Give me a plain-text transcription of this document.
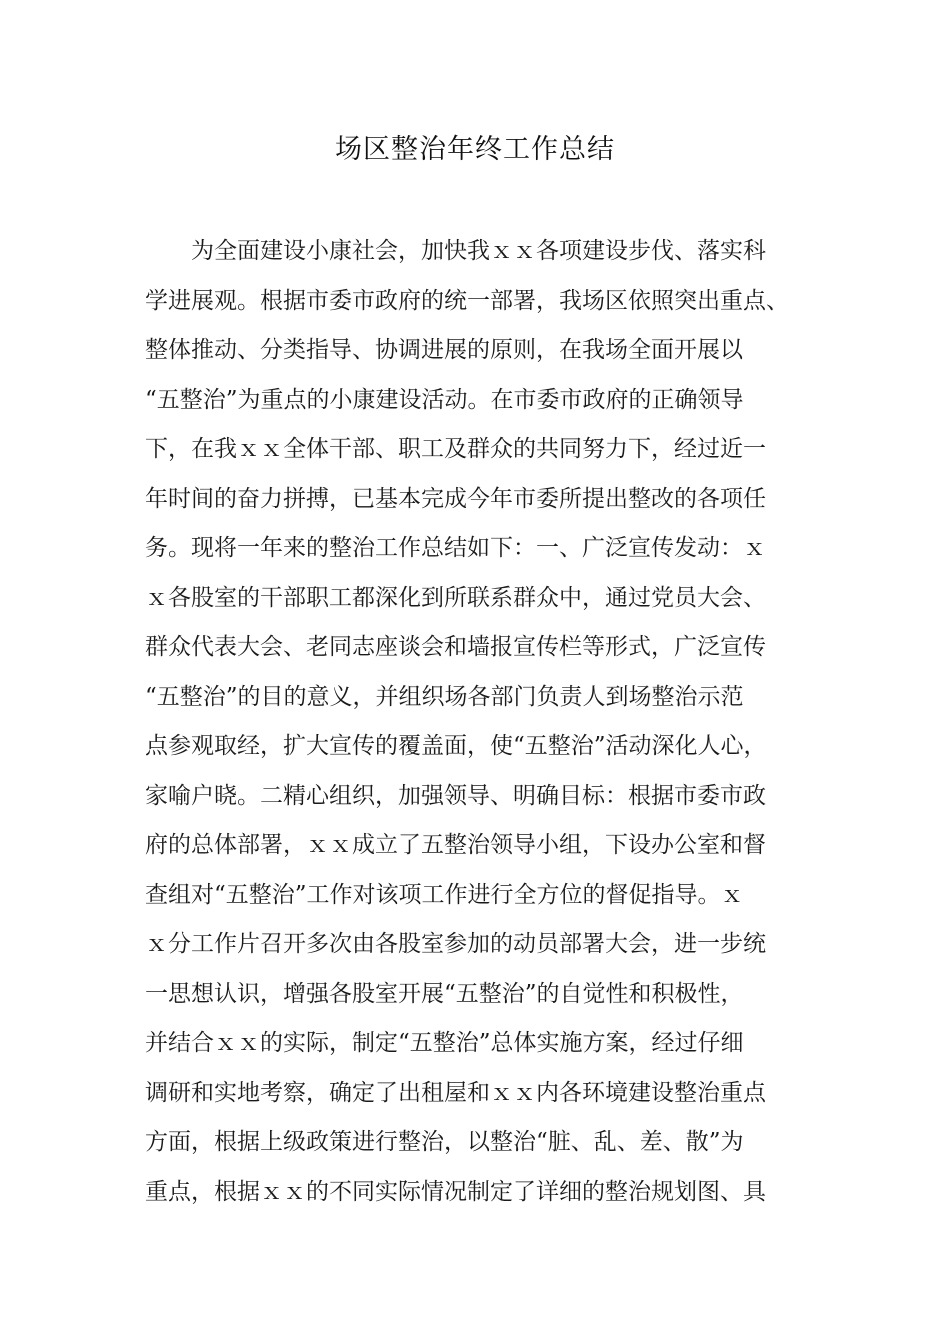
场区整治年终工作总结
为全面建设小康社会，加快我ｘｘ各项建设步伐、落实科
学进展观。根据市委市政府的统一部署，我场区依照突出重点、
整体推动、分类指导、协调进展的原则，在我场全面开展以
“五整治”为重点的小康建设活动。在市委市政府的正确领导
下，在我ｘｘ全体干部、职工及群众的共同努力下，经过近一
年时间的奋力拼搏，已基本完成今年市委所提出整改的各项任
务。现将一年来的整治工作总结如下：一、广泛宣传发动：ｘ
ｘ各股室的干部职工都深化到所联系群众中，通过党员大会、
群众代表大会、老同志座谈会和墙报宣传栏等形式，广泛宣传
“五整治”的目的意义，并组织场各部门负责人到场整治示范
点参观取经，扩大宣传的覆盖面，使“五整治”活动深化人心，
家喻户晓。二精心组织，加强领导、明确目标：根据市委市政
府的总体部署，ｘｘ成立了五整治领导小组，下设办公室和督
查组对“五整治”工作对该项工作进行全方位的督促指导。ｘ
ｘ分工作片召开多次由各股室参加的动员部署大会，进一步统
一思想认识，增强各股室开展“五整治”的自觉性和积极性，
并结合ｘｘ的实际，制定“五整治”总体实施方案，经过仔细
调研和实地考察，确定了出租屋和ｘｘ内各环境建设整治重点
方面，根据上级政策进行整治，以整治“脏、乱、差、散”为
重点，根据ｘｘ的不同实际情况制定了详细的整治规划图、具
